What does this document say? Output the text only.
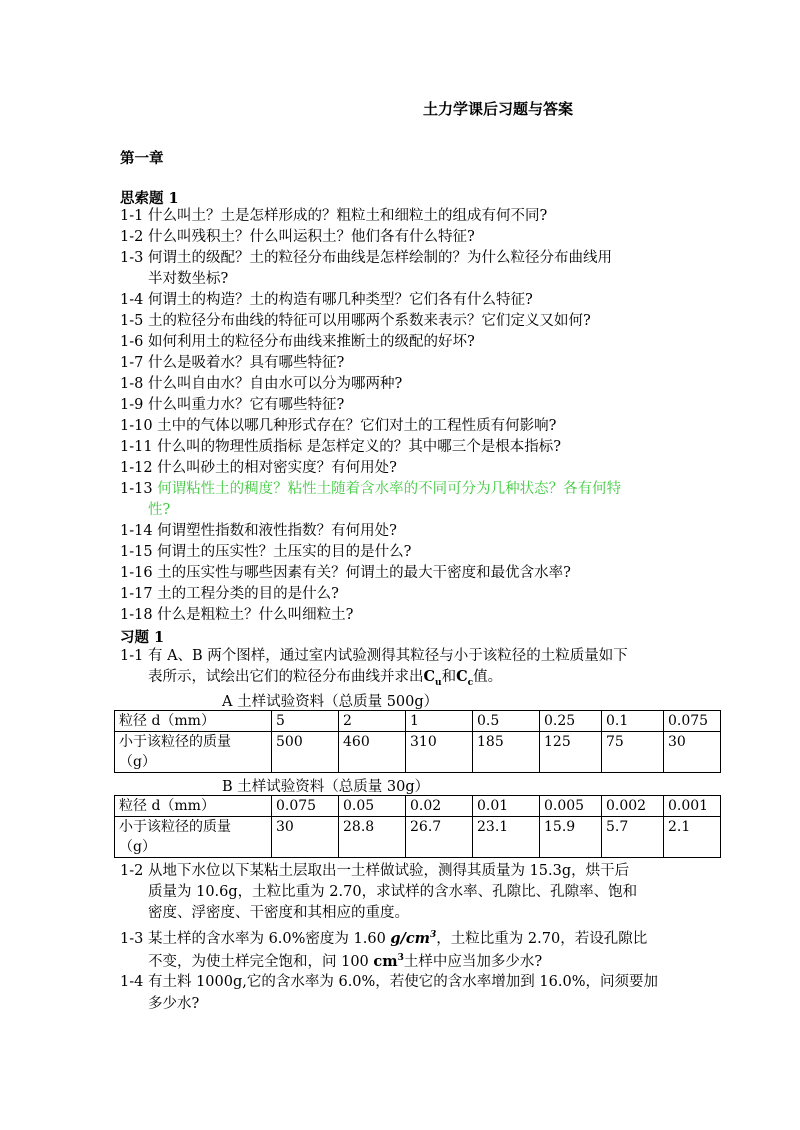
土力学课后习题与答案
第一章
思索题 1
1-1 什么叫土？土是怎样形成的？粗粒土和细粒土的组成有何不同?
1-2 什么叫残积土？什么叫运积土？他们各有什么特征?
1-3 何谓土的级配？土的粒径分布曲线是怎样绘制的？为什么粒径分布曲线用
半对数坐标?
1-4 何谓土的构造？土的构造有哪几种类型？它们各有什么特征?
1-5 土的粒径分布曲线的特征可以用哪两个系数来表示？它们定义又如何?
1-6 如何利用土的粒径分布曲线来推断土的级配的好坏?
1-7 什么是吸着水？具有哪些特征?
1-8 什么叫自由水？自由水可以分为哪两种?
1-9 什么叫重力水？它有哪些特征?
1-10 土中的气体以哪几种形式存在？它们对土的工程性质有何影响?
1-11 什么叫的物理性质指标 是怎样定义的？其中哪三个是根本指标?
1-12 什么叫砂土的相对密实度？有何用处?
1-13 何谓粘性土的稠度？粘性土随着含水率的不同可分为几种状态？各有何特
性?
1-14 何谓塑性指数和液性指数？有何用处?
1-15 何谓土的压实性？土压实的目的是什么?
1-16 土的压实性与哪些因素有关？何谓土的最大干密度和最优含水率?
1-17 土的工程分类的目的是什么?
1-18 什么是粗粒土？什么叫细粒土?
习题 1
1-1 有 A、B 两个图样，通过室内试验测得其粒径与小于该粒径的土粒质量如下
表所示，试绘出它们的粒径分布曲线并求出$C_u$和$C_c$值。
A 土样试验资料（总质量 500g）
粒径 d（mm）	5	2	1	0.5	0.25	0.1	0.075

小于该粒径的质量
（g）	500	460	310	185	125	75	30
B 土样试验资料（总质量 30g）
粒径 d（mm）	0.075	0.05	0.02	0.01	0.005	0.002	0.001

小于该粒径的质量
（g）	30	28.8	26.7	23.1	15.9	5.7	2.1
1-2 从地下水位以下某粘土层取出一土样做试验，测得其质量为 15.3g，烘干后
质量为 10.6g，土粒比重为 2.70，求试样的含水率、孔隙比、孔隙率、饱和
密度、浮密度、干密度和其相应的重度。
1-3 某土样的含水率为 6.0%密度为 1.60 $g/cm^3$，土粒比重为 2.70，若设孔隙比
不变，为使土样完全饱和，问 100 $cm^3$土样中应当加多少水?
1-4 有土料 1000g,它的含水率为 6.0%，若使它的含水率增加到 16.0%，问须要加
多少水?
